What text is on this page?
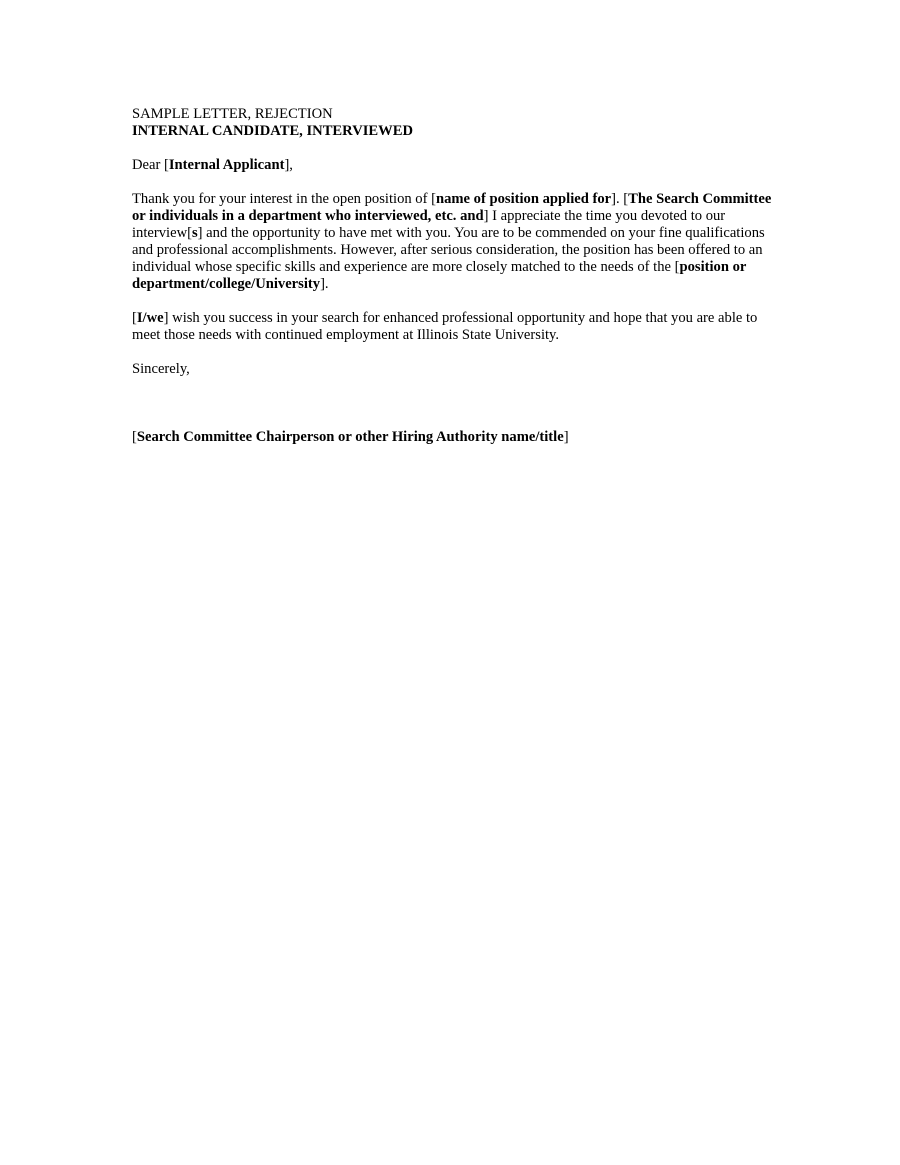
SAMPLE LETTER, REJECTION

INTERNAL CANDIDATE, INTERVIEWED

Dear [Internal Applicant],

Thank you for your interest in the open position of [name of position applied for]. [The Search Committee or individuals in a department who interviewed, etc. and] I appreciate the time you devoted to our interview[s] and the opportunity to have met with you. You are to be commended on your fine qualifications and professional accomplishments. However, after serious consideration, the position has been offered to an individual whose specific skills and experience are more closely matched to the needs of the [position or department/college/University].

[I/we] wish you success in your search for enhanced professional opportunity and hope that you are able to meet those needs with continued employment at Illinois State University.

Sincerely,

[Search Committee Chairperson or other Hiring Authority name/title]
